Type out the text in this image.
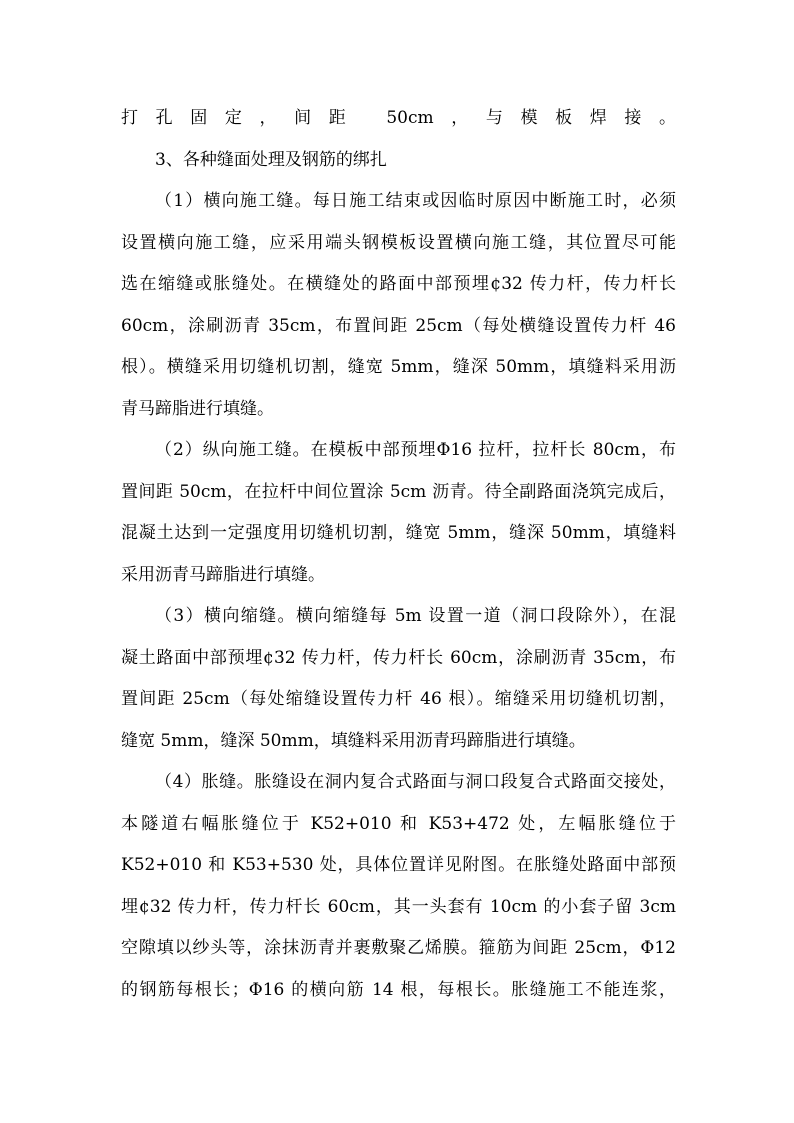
打孔固定，间距 50cm，与模板焊接。
3、各种缝面处理及钢筋的绑扎
（1）横向施工缝。每日施工结束或因临时原因中断施工时，必须
设置横向施工缝，应采用端头钢模板设置横向施工缝，其位置尽可能
选在缩缝或胀缝处。在横缝处的路面中部预埋¢32 传力杆，传力杆长
60cm，涂刷沥青 35cm，布置间距 25cm（每处横缝设置传力杆 46
根）。横缝采用切缝机切割，缝宽 5mm，缝深 50mm，填缝料采用沥
青马蹄脂进行填缝。
（2）纵向施工缝。在模板中部预埋Φ16 拉杆，拉杆长 80cm，布
置间距 50cm，在拉杆中间位置涂 5cm 沥青。待全副路面浇筑完成后，
混凝土达到一定强度用切缝机切割，缝宽 5mm，缝深 50mm，填缝料
采用沥青马蹄脂进行填缝。
（3）横向缩缝。横向缩缝每 5m 设置一道（洞口段除外），在混
凝土路面中部预埋¢32 传力杆，传力杆长 60cm，涂刷沥青 35cm，布
置间距 25cm（每处缩缝设置传力杆 46 根）。缩缝采用切缝机切割，
缝宽 5mm，缝深 50mm，填缝料采用沥青玛蹄脂进行填缝。
（4）胀缝。胀缝设在洞内复合式路面与洞口段复合式路面交接处，
本隧道右幅胀缝位于 K52+010 和 K53+472 处，左幅胀缝位于
K52+010 和 K53+530 处，具体位置详见附图。在胀缝处路面中部预
埋¢32 传力杆，传力杆长 60cm，其一头套有 10cm 的小套子留 3cm
空隙填以纱头等，涂抹沥青并裹敷聚乙烯膜。箍筋为间距 25cm，Φ12
的钢筋每根长；Φ16 的横向筋 14 根，每根长。胀缝施工不能连浆，
